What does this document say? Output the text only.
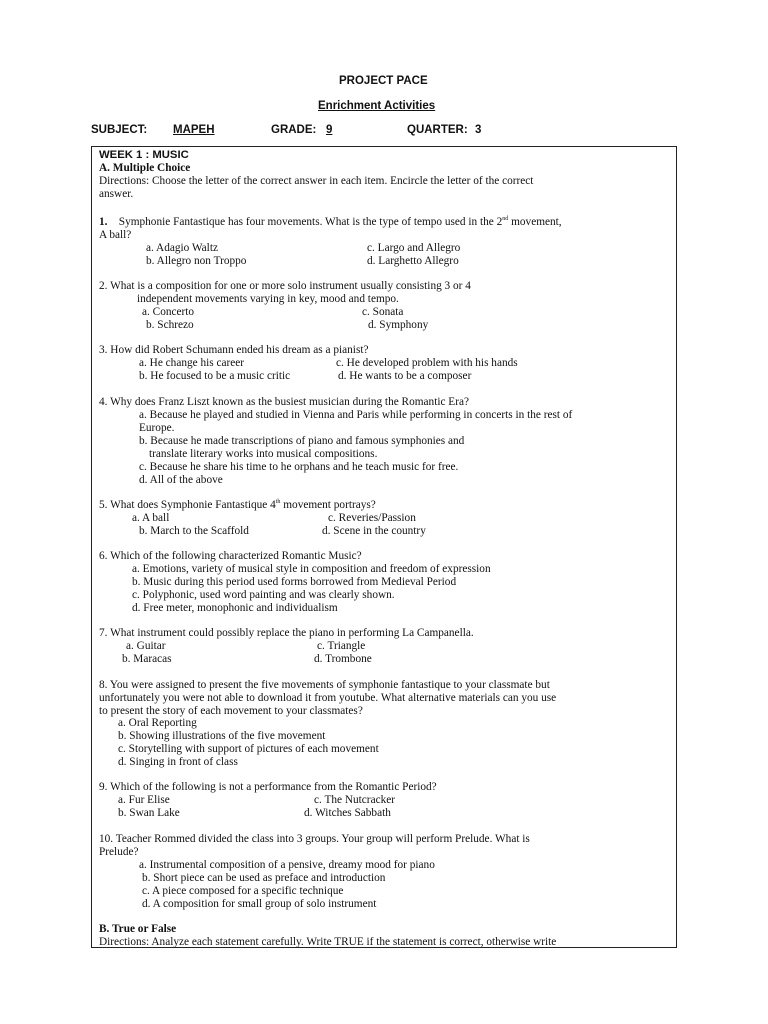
PROJECT PACE
Enrichment Activities
SUBJECT: MAPEH	GRADE: 9	QUARTER: 3
WEEK 1 : MUSIC
A. Multiple Choice
Directions: Choose the letter of the correct answer in each item. Encircle the letter of the correct
answer.
1. Symphonie Fantastique has four movements. What is the type of tempo used in the 2nd movement,
A ball?
a. Adagio Waltz
b. Allegro non Troppo
c. Largo and Allegro
d. Larghetto Allegro
2. What is a composition for one or more solo instrument usually consisting 3 or 4
independent movements varying in key, mood and tempo.
a. Concerto
b. Schrezo
c. Sonata
d. Symphony
3. How did Robert Schumann ended his dream as a pianist?
a. He change his career
b. He focused to be a music critic
c. He developed problem with his hands
d. He wants to be a composer
4. Why does Franz Liszt known as the busiest musician during the Romantic Era?
a. Because he played and studied in Vienna and Paris while performing in concerts in the rest of
Europe.
b. Because he made transcriptions of piano and famous symphonies and
translate literary works into musical compositions.
c. Because he share his time to he orphans and he teach music for free.
d. All of the above
5. What does Symphonie Fantastique 4th movement portrays?
a. A ball
b. March to the Scaffold
c. Reveries/Passion
d. Scene in the country
6. Which of the following characterized Romantic Music?
a. Emotions, variety of musical style in composition and freedom of expression
b. Music during this period used forms borrowed from Medieval Period
c. Polyphonic, used word painting and was clearly shown.
d. Free meter, monophonic and individualism
7. What instrument could possibly replace the piano in performing La Campanella.
a. Guitar
b. Maracas
c. Triangle
d. Trombone
8. You were assigned to present the five movements of symphonie fantastique to your classmate but
unfortunately you were not able to download it from youtube. What alternative materials can you use
to present the story of each movement to your classmates?
a. Oral Reporting
b. Showing illustrations of the five movement
c. Storytelling with support of pictures of each movement
d. Singing in front of class
9. Which of the following is not a performance from the Romantic Period?
a. Fur Elise
b. Swan Lake
c. The Nutcracker
d. Witches Sabbath
10. Teacher Rommed divided the class into 3 groups. Your group will perform Prelude. What is
Prelude?
a. Instrumental composition of a pensive, dreamy mood for piano
b. Short piece can be used as preface and introduction
c. A piece composed for a specific technique
d. A composition for small group of solo instrument
B. True or False
Directions: Analyze each statement carefully. Write TRUE if the statement is correct, otherwise write
